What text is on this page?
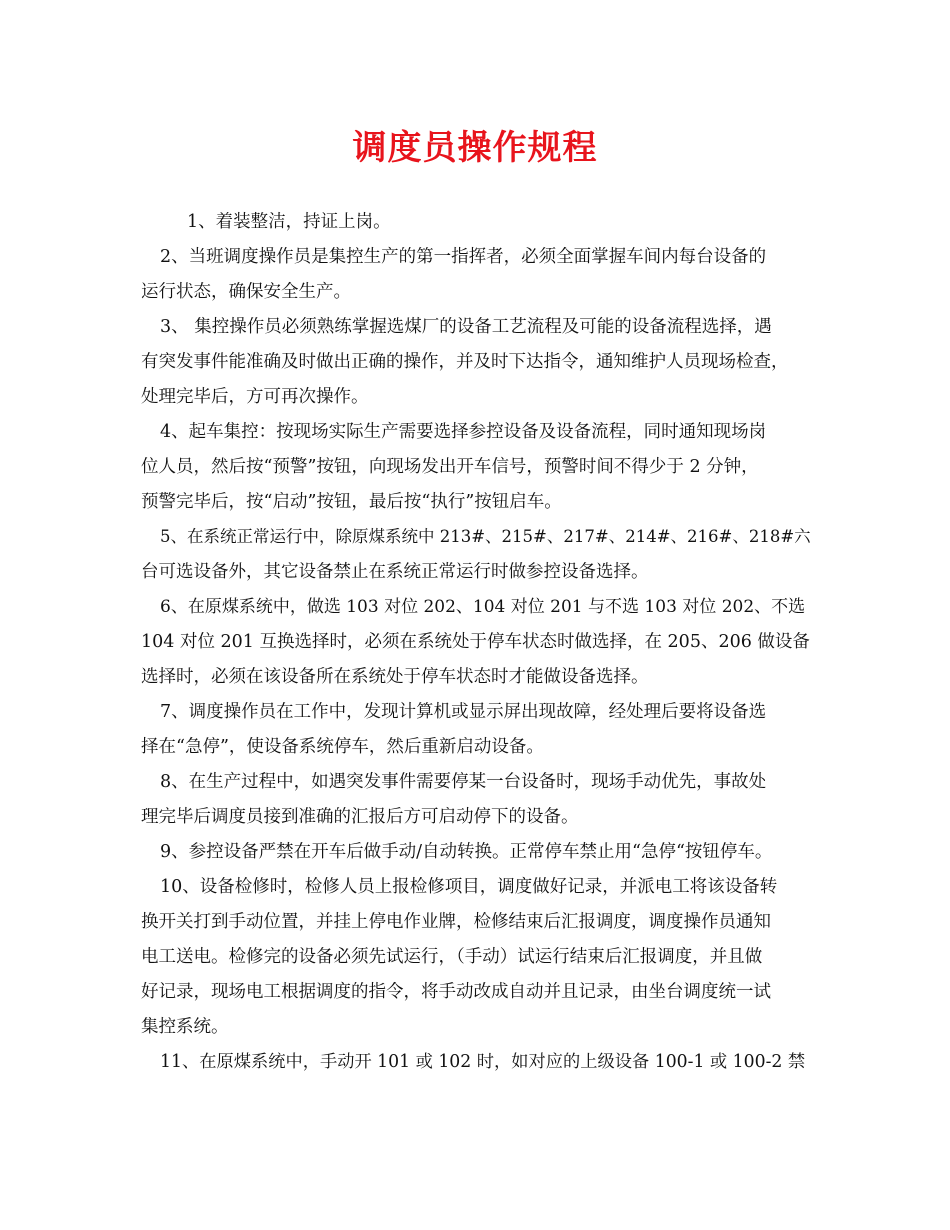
调度员操作规程

1、着装整洁，持证上岗。

2、当班调度操作员是集控生产的第一指挥者，必须全面掌握车间内每台设备的

运行状态，确保安全生产。

3、 集控操作员必须熟练掌握选煤厂的设备工艺流程及可能的设备流程选择，遇

有突发事件能准确及时做出正确的操作，并及时下达指令，通知维护人员现场检查，

处理完毕后，方可再次操作。

4、起车集控：按现场实际生产需要选择参控设备及设备流程，同时通知现场岗

位人员，然后按“预警”按钮，向现场发出开车信号，预警时间不得少于 2 分钟，

预警完毕后，按“启动”按钮，最后按“执行”按钮启车。

5、在系统正常运行中，除原煤系统中 213#、215#、217#、214#、216#、218#六

台可选设备外，其它设备禁止在系统正常运行时做参控设备选择。

6、在原煤系统中，做选 103 对位 202、104 对位 201 与不选 103 对位 202、不选

104 对位 201 互换选择时，必须在系统处于停车状态时做选择，在 205、206 做设备

选择时，必须在该设备所在系统处于停车状态时才能做设备选择。

7、调度操作员在工作中，发现计算机或显示屏出现故障，经处理后要将设备选

择在“急停”，使设备系统停车，然后重新启动设备。

8、在生产过程中，如遇突发事件需要停某一台设备时，现场手动优先，事故处

理完毕后调度员接到准确的汇报后方可启动停下的设备。

9、参控设备严禁在开车后做手动/自动转换。正常停车禁止用“急停“按钮停车。

10、设备检修时，检修人员上报检修项目，调度做好记录，并派电工将该设备转

换开关打到手动位置，并挂上停电作业牌，检修结束后汇报调度，调度操作员通知

电工送电。检修完的设备必须先试运行，（手动）试运行结束后汇报调度，并且做

好记录，现场电工根据调度的指令，将手动改成自动并且记录，由坐台调度统一试

集控系统。

11、在原煤系统中，手动开 101 或 102 时，如对应的上级设备 100-1 或 100-2 禁
